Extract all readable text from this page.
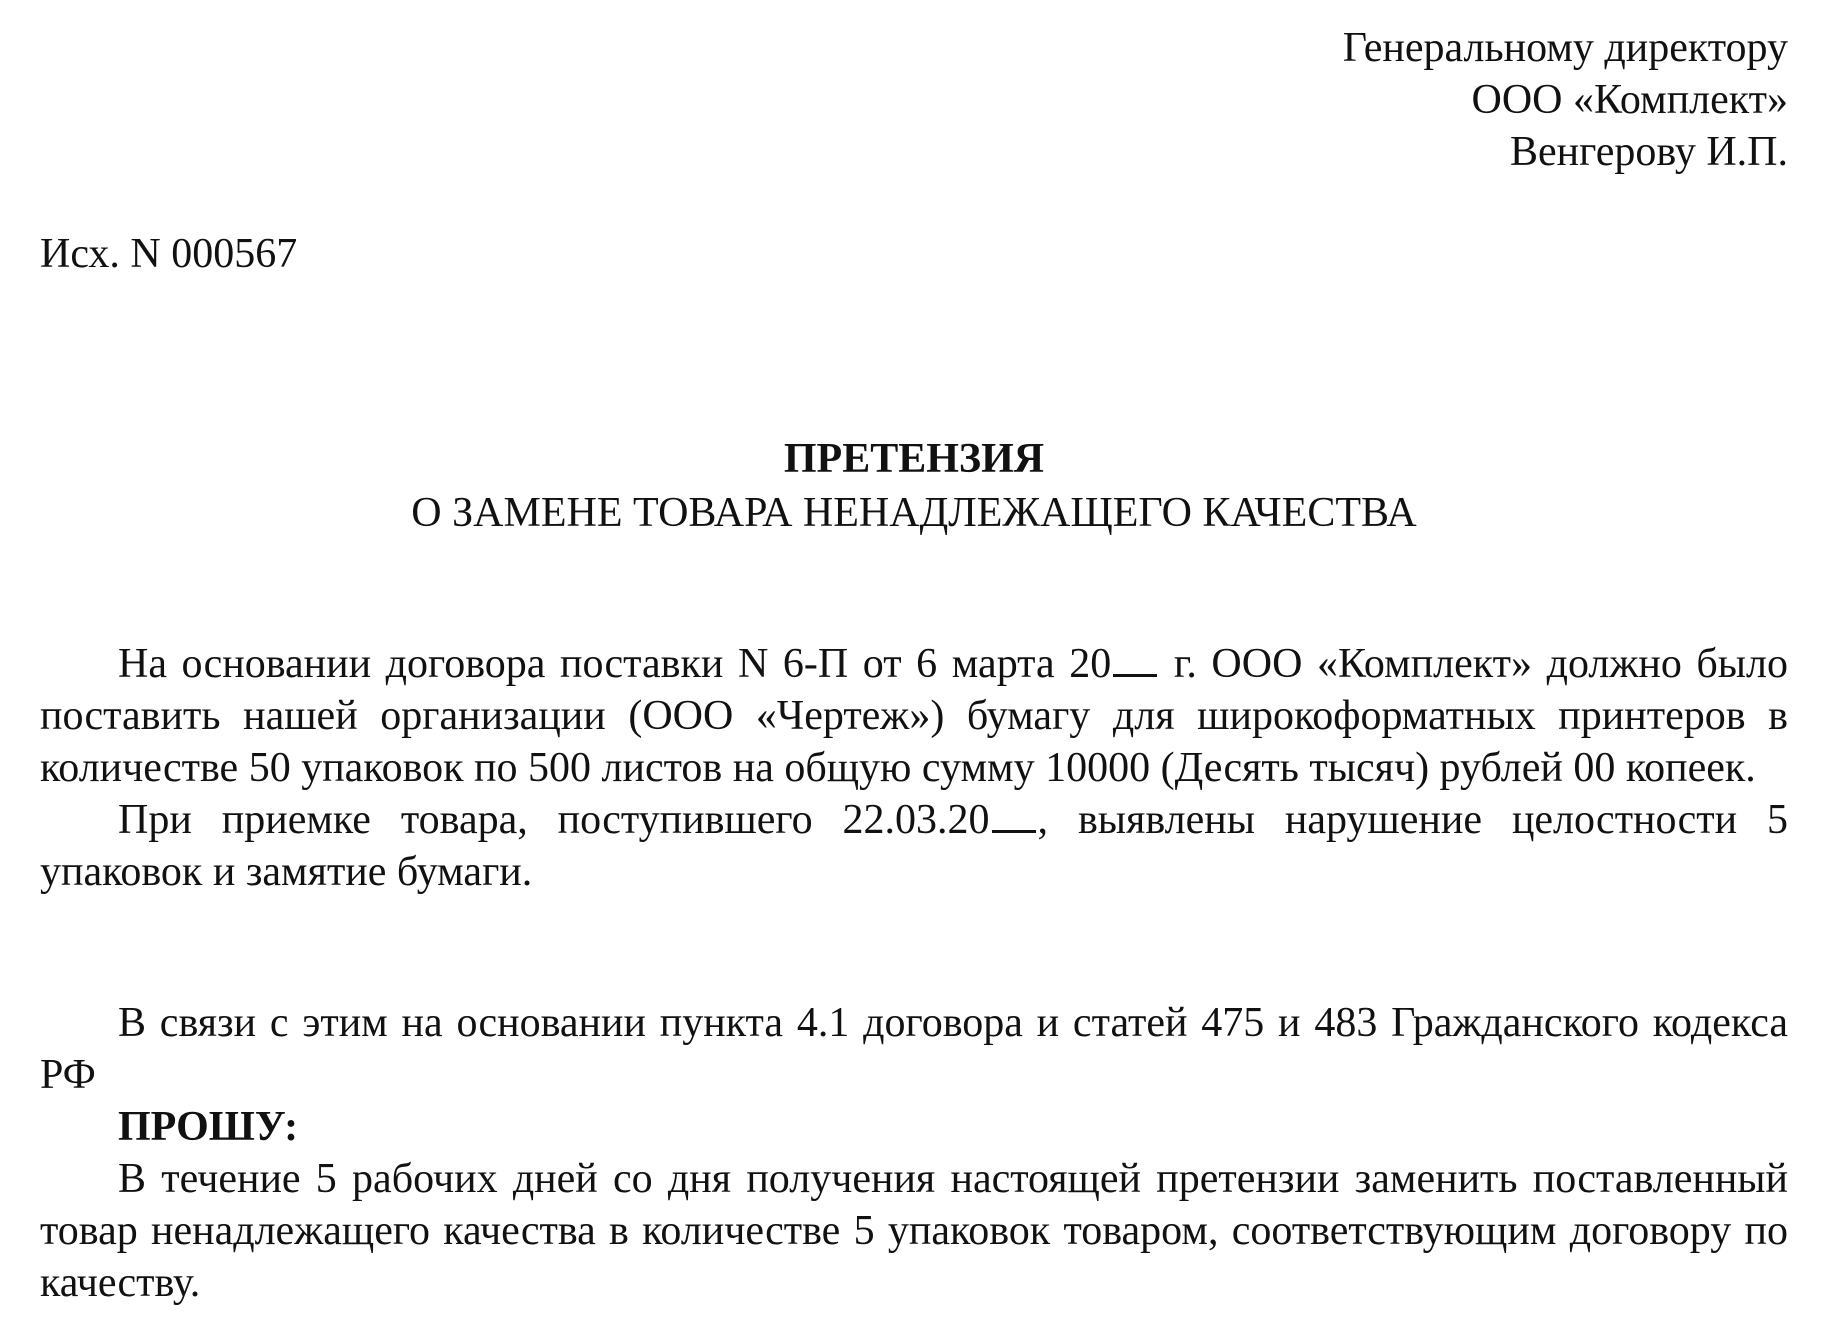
Генеральному директору
ООО «Комплект»
Венгерову И.П.
Исх. N 000567
ПРЕТЕНЗИЯ
О ЗАМЕНЕ ТОВАРА НЕНАДЛЕЖАЩЕГО КАЧЕСТВА

На основании договора поставки N 6-П от 6 марта 20 г. ООО «Комплект» должно было поставить нашей организации (ООО «Чертеж») бумагу для широкоформатных принтеров в количестве 50 упаковок по 500 листов на общую сумму 10000 (Десять тысяч) рублей 00 копеек.

При приемке товара, поступившего 22.03.20 , выявлены нарушение целостности 5 упаковок и замятие бумаги.

В связи с этим на основании пункта 4.1 договора и статей 475 и 483 Гражданского кодекса РФ

ПРОШУ:

В течение 5 рабочих дней со дня получения настоящей претензии заменить поставленный товар ненадлежащего качества в количестве 5 упаковок товаром, соответствующим договору по качеству.
